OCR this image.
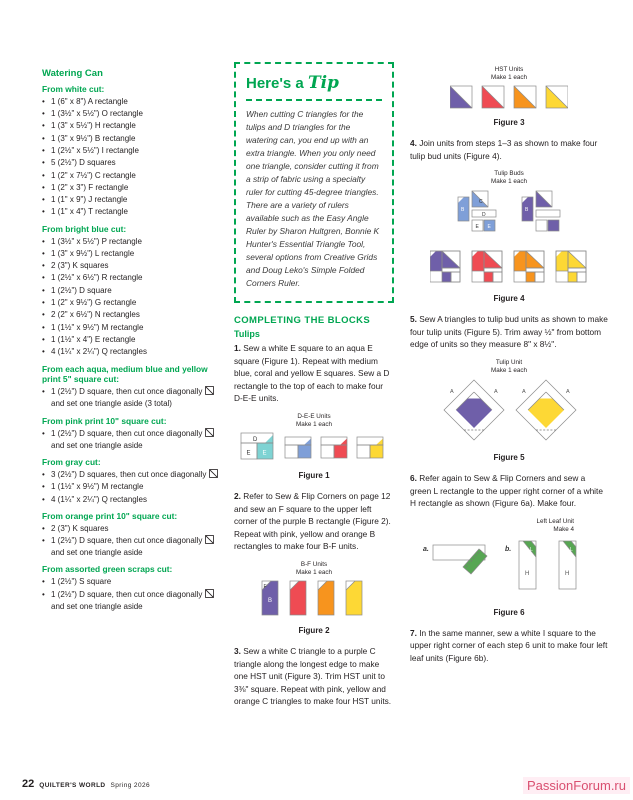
Watering Can
From white cut:
• 1 (6" x 8") A rectangle
• 1 (3½" x 5½") O rectangle
• 1 (3" x 5½") H rectangle
• 1 (3" x 9½") B rectangle
• 1 (2½" x 5½") I rectangle
• 5 (2½") D squares
• 1 (2" x 7½") C rectangle
• 1 (2" x 3") F rectangle
• 1 (1" x 9") J rectangle
• 1 (1" x 4") T rectangle
From bright blue cut:
• 1 (3½" x 5½") P rectangle
• 1 (3" x 9½") L rectangle
• 2 (3") K squares
• 1 (2½" x 6½") R rectangle
• 1 (2½") D square
• 1 (2" x 9½") G rectangle
• 2 (2" x 6½") N rectangles
• 1 (1½" x 9½") M rectangle
• 1 (1½" x 4") E rectangle
• 4 (1¼" x 2¼") Q rectangles
From each aqua, medium blue and yellow print 5" square cut:
• 1 (2½") D square, then cut once diagonally  and set one triangle aside (3 total)
From pink print 10" square cut:
• 1 (2½") D square, then cut once diagonally  and set one triangle aside
From gray cut:
• 3 (2½") D squares, then cut once diagonally
• 1 (1½" x 9½") M rectangle
• 4 (1¼" x 2¼") Q rectangles
From orange print 10" square cut:
• 2 (3") K squares
• 1 (2½") D square, then cut once diagonally  and set one triangle aside
From assorted green scraps cut:
• 1 (2½") S square
• 1 (2½") D square, then cut once diagonally  and set one triangle aside
Here's a Tip
When cutting C triangles for the tulips and D triangles for the watering can, you end up with an extra triangle. When you only need one triangle, consider cutting it from a strip of fabric using a specialty ruler for cutting 45-degree triangles. There are a variety of rulers available such as the Easy Angle Ruler by Sharon Hultgren, Bonnie K Hunter's Essential Triangle Tool, several options from Creative Grids and Doug Leko's Simple Folded Corners Ruler.
COMPLETING THE BLOCKS
Tulips

1. Sew a white E square to an aqua E square (Figure 1). Repeat with medium blue, coral and yellow E squares. Sew a D rectangle to the top of each to make four D-E-E units.

D-E-E Units
Make 1 each
D
E E
Figure 1

2. Refer to Sew & Flip Corners on page 12 and sew an F square to the upper left corner of the purple B rectangle (Figure 2). Repeat with pink, yellow and orange B rectangles to make four B-F units.

B-F Units
Make 1 each
F
B
Figure 2

3. Sew a white C triangle to a purple C triangle along the longest edge to make one HST unit (Figure 3). Trim HST unit to 3⅜" square. Repeat with pink, yellow and orange C triangles to make four HST units.

HST Units
Make 1 each
Figure 3

4. Join units from steps 1–3 as shown to make four tulip bud units (Figure 4).

Tulip Buds
Make 1 each
B
C
D
E E
B
Figure 4

5. Sew A triangles to tulip bud units as shown to make four tulip units (Figure 5). Trim away ½" from bottom edge of units so they measure 8" x 8½".

Tulip Unit
Make 1 each
A	A	A	A
Figure 5

6. Refer again to Sew & Flip Corners and sew a green L rectangle to the upper right corner of a white H rectangle as shown (Figure 6a). Make four.

Left Leaf Unit
Make 4
a.	b.	L
H
L
H
Figure 6

7. In the same manner, sew a white I square to the upper right corner of each step 6 unit to make four left leaf units (Figure 6b).

22 QUILTER'S WORLD Spring 2026	PassionForum.ru
